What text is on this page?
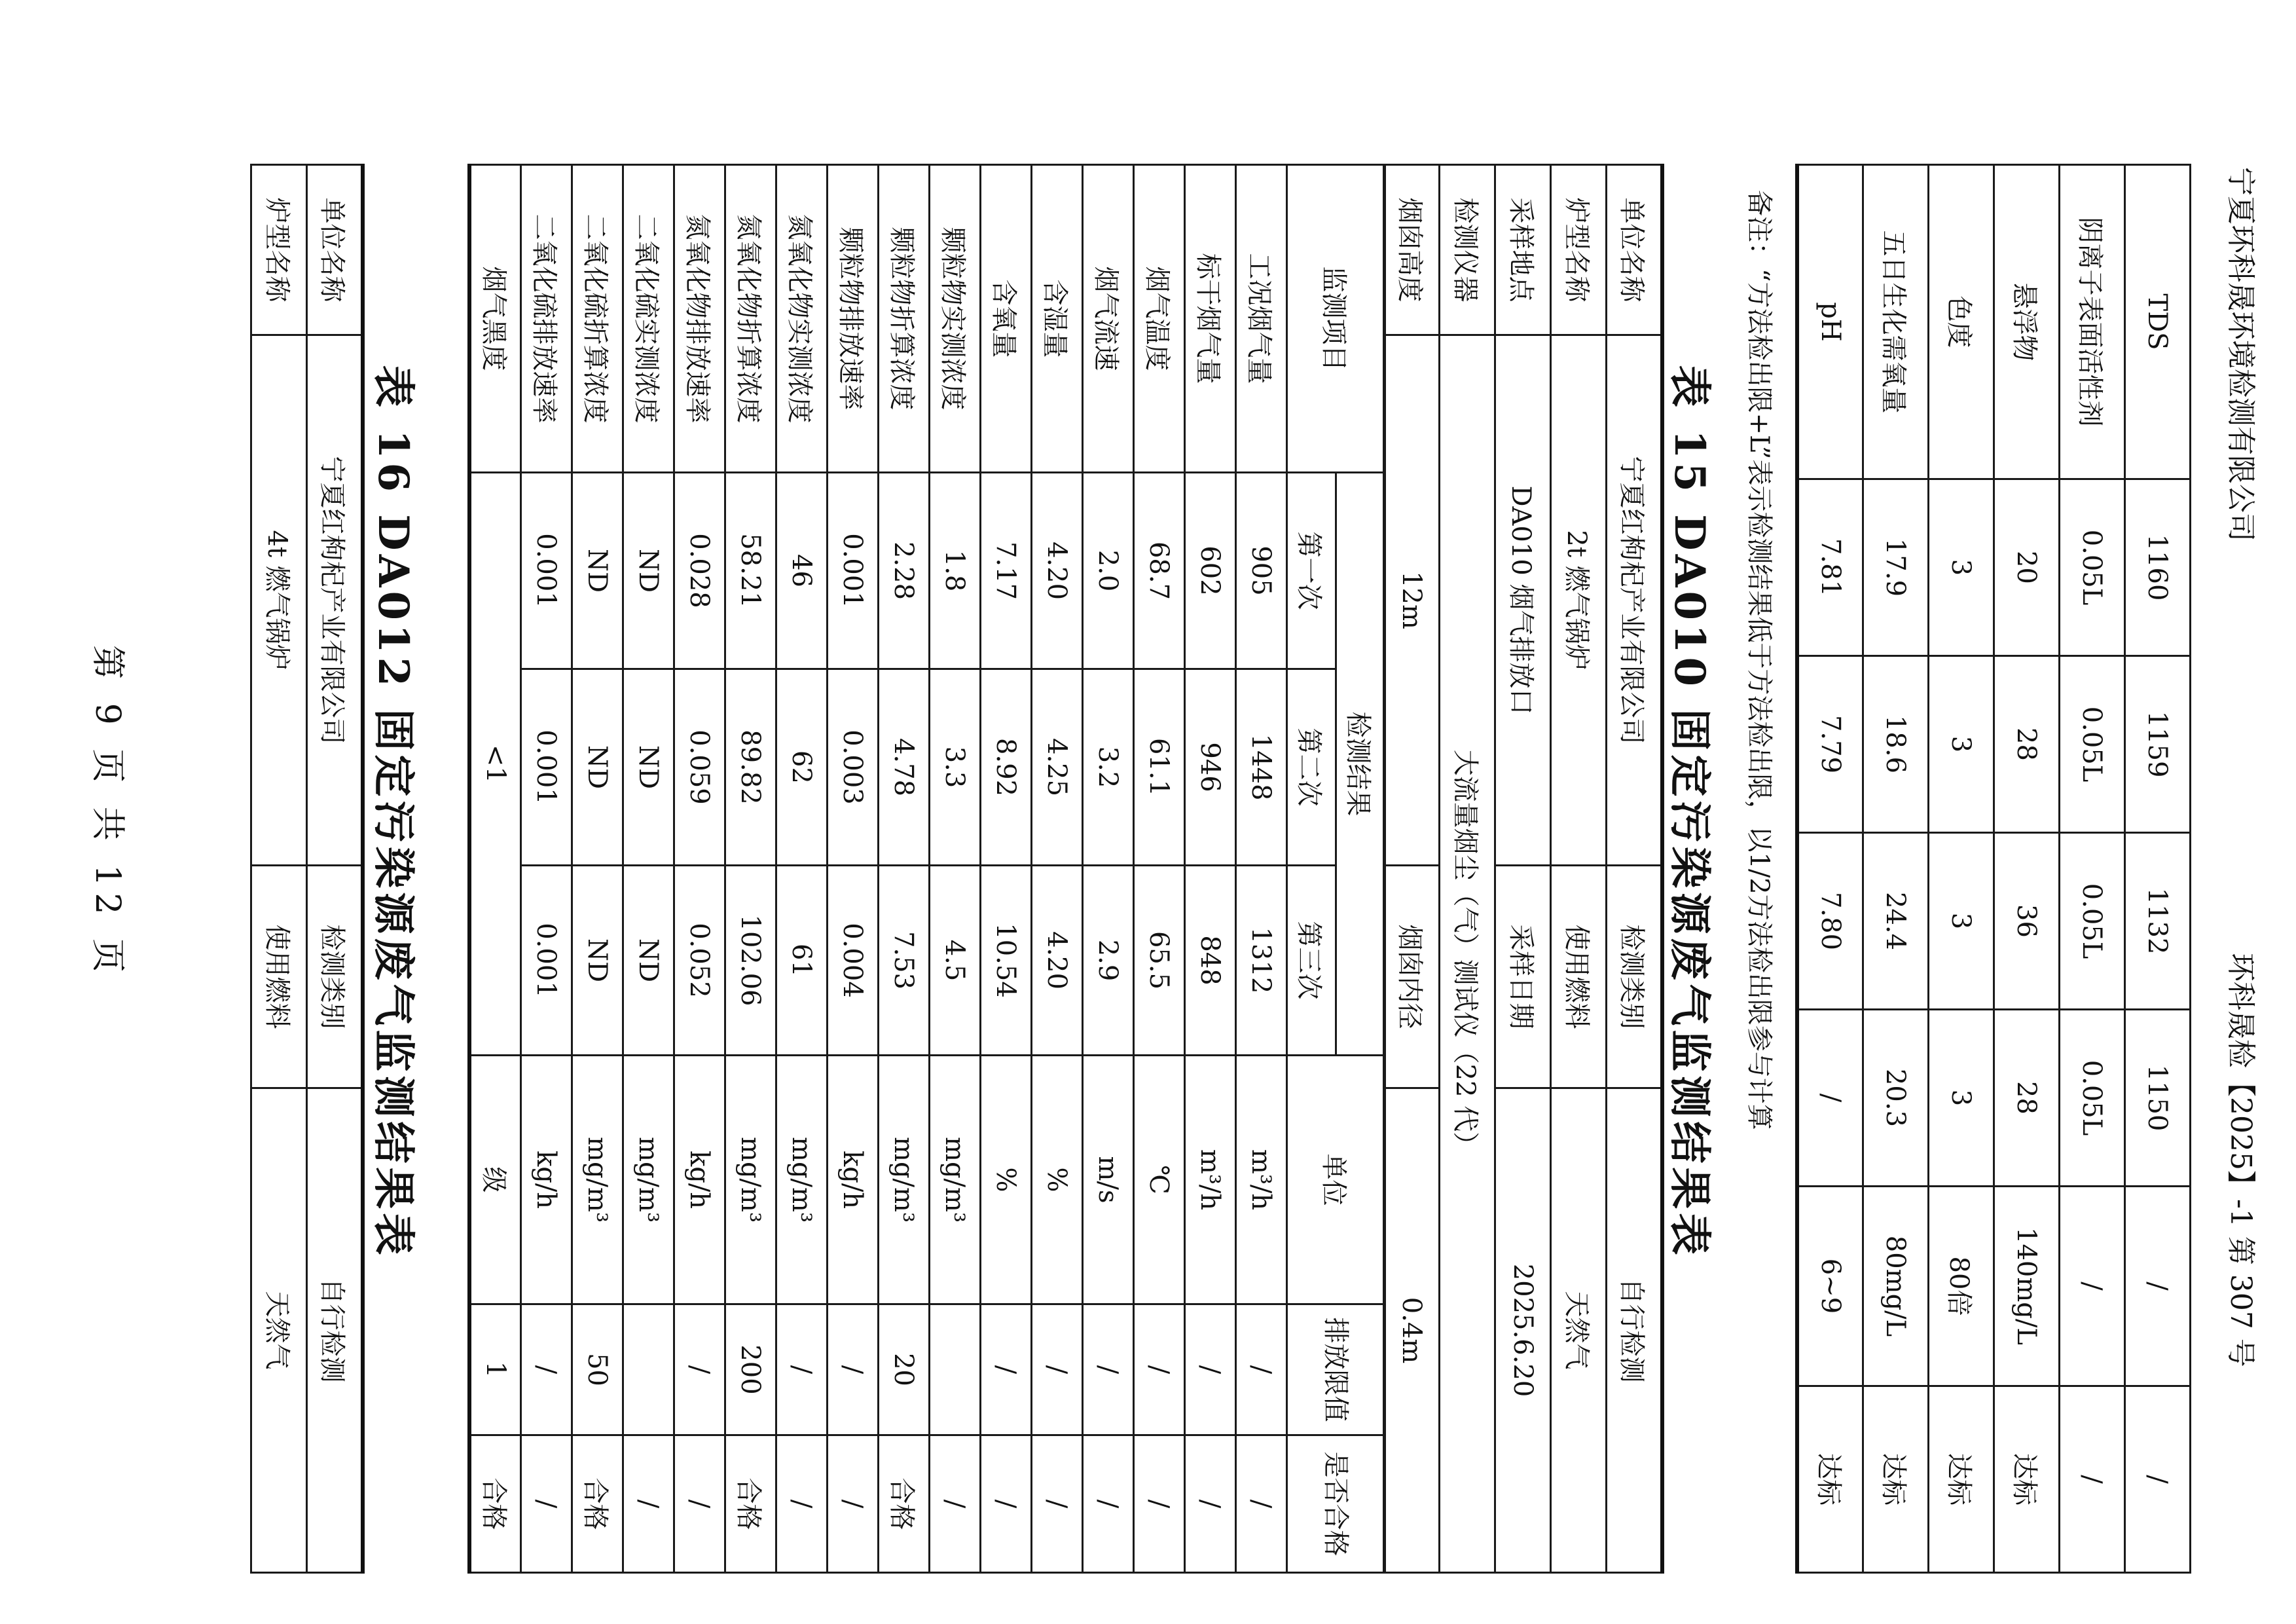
宁夏环科晟环境检测有限公司
环科晟检【2025】-1 第 307 号
TDS	1160	1159	1132	1150	/	/
阴离子表面活性剂	0.05L	0.05L	0.05L	0.05L	/	/
悬浮物	20	28	36	28	140mg/L	达标
色度	3	3	3	3	80倍	达标
五日生化需氧量	17.9	18.6	24.4	20.3	80mg/L	达标
pH	7.81	7.79	7.80	/	6~9	达标
备注：“方法检出限+L”表示检测结果低于方法检出限，以1/2方法检出限参与计算
表 15 DA010 固定污染源废气监测结果表
单位名称	宁夏红枸杞产业有限公司	检测类别	自行检测
炉型名称	2t 燃气锅炉	使用燃料	天然气
采样地点	DA010 烟气排放口	采样日期	2025.6.20
检测仪器	大流量烟尘（气）测试仪（22 代）		
烟囱高度	12m	烟囱内径	0.4m
监测项目	检测结果			单位	排放限值	是否合格
	第一次	第二次	第三次			
工况烟气量	905	1448	1312	m³/h	/	/
标干烟气量	602	946	848	m³/h	/	/
烟气温度	68.7	61.1	65.5	℃	/	/
烟气流速	2.0	3.2	2.9	m/s	/	/
含湿量	4.20	4.25	4.20	%	/	/
含氧量	7.17	8.92	10.54	%	/	/
颗粒物实测浓度	1.8	3.3	4.5	mg/m³		/
颗粒物折算浓度	2.28	4.78	7.53	mg/m³	20	合格
颗粒物排放速率	0.001	0.003	0.004	kg/h	/	/
氮氧化物实测浓度	46	62	61	mg/m³	/	/
氮氧化物折算浓度	58.21	89.82	102.06	mg/m³	200	合格
氮氧化物排放速率	0.028	0.059	0.052	kg/h	/	/
二氧化硫实测浓度	ND	ND	ND	mg/m³		/
二氧化硫折算浓度	ND	ND	ND	mg/m³	50	合格
二氧化硫排放速率	0.001	0.001	0.001	kg/h	/	/
烟气黑度	<1			级	1	合格
表 16 DA012 固定污染源废气监测结果表
单位名称	宁夏红枸杞产业有限公司	检测类别	自行检测
炉型名称	4t 燃气锅炉	使用燃料	天然气
第 9 页 共 12 页
